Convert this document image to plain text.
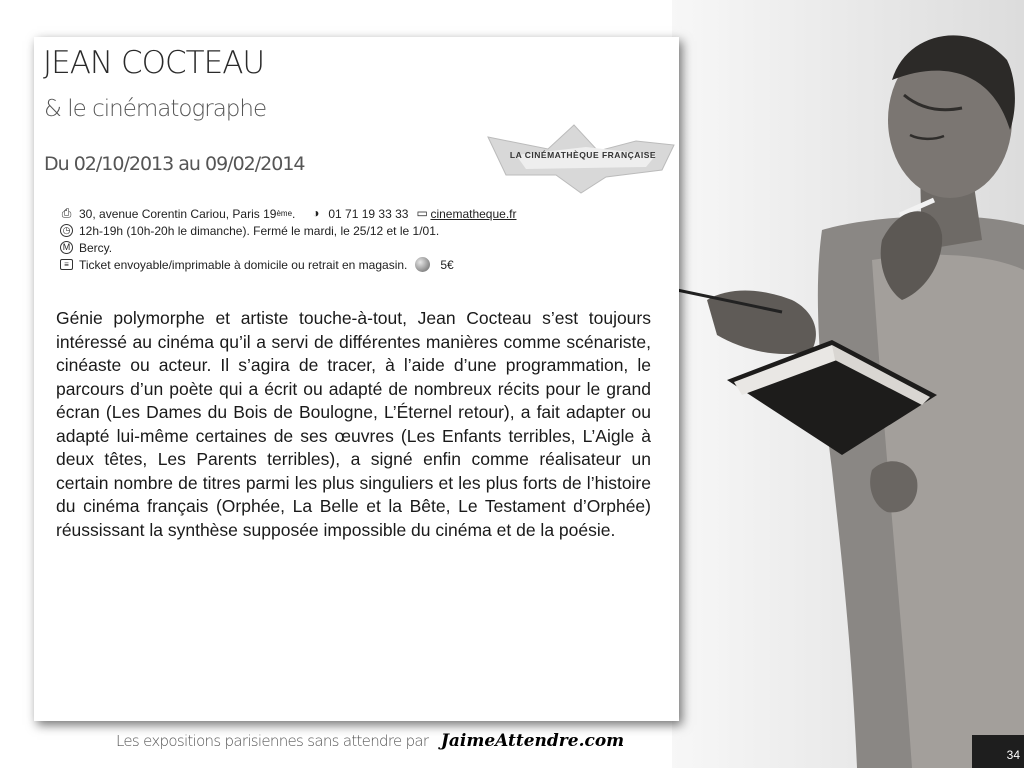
34
JEAN COCTEAU
& le cinématographe
Du 02/10/2013 au 09/02/2014	LA CINÉMATHÈQUE FRANÇAISE
⎙ 30, avenue Corentin Cariou, Paris 19 ème . ◑ 01 71 19 33 33 ▭ cinematheque.fr
◷ 12h-19h (10h-20h le dimanche). Fermé le mardi, le 25/12 et le 1/01.
M Bercy.
≡ Ticket envoyable/imprimable à domicile ou retrait en magasin.	5€
Génie polymorphe et artiste touche-à-tout, Jean Cocteau s’est toujours intéressé au cinéma qu’il a servi de différentes manières comme scénariste, cinéaste ou acteur. Il s’agira de tracer, à l’aide d’une programmation, le parcours d’un poète qui a écrit ou adapté de nombreux récits pour le grand écran (Les Dames du Bois de Boulogne, L’Éternel retour), a fait adapter ou adapté lui-même certaines de ses œuvres (Les Enfants terribles, L’Aigle à deux têtes, Les Parents terribles), a signé enfin comme réalisateur un certain nombre de titres parmi les plus singuliers et les plus forts de l’histoire du cinéma français (Orphée, La Belle et la Bête, Le Testament d’Orphée) réussissant la synthèse supposée impossible du cinéma et de la poésie.
Les expositions parisiennes sans attendre par JaimeAttendre.com
